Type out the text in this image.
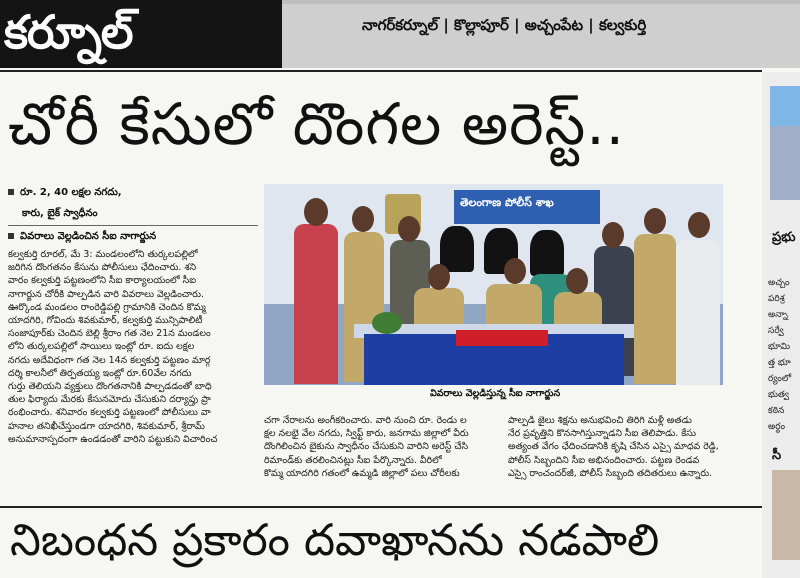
కర్నూల్	నాగర్‌కర్నూల్ | కొల్లాపూర్ | అచ్చంపేట | కల్వకుర్తి
చోరీ కేసులో దొంగల అరెస్ట్..
రూ. 2, 40 లక్షల నగదు,
కారు, బైక్ స్వాధీనం
వివరాలు వెల్లడించిన సీఐ నాగార్జున

కల్వకుర్తి రూరల్, మే 3: మండలంలోని తుర్కలపల్లిలో

జరిగిన దొంగతనం కేసును పోలీసులు ఛేదించారు. శని

వారం కల్వకుర్తి పట్టణంలోని సీఐ కార్యాలయంలో సీఐ

నాగార్జున చోరీకి పాల్పడిన వారి వివరాలు వెల్లడించారు.

ఊర్కొండ మండలం రాంరెడ్డిపల్లి గ్రామానికి చెందిన కొమ్మ

యాదగిరి, గోవిందు శివకుమార్, కల్వకుర్తి మున్సిపాలిటీ

సంజాపూర్‌కు చెందిన బెల్లి శ్రీరాం గత నెల 21న మండలం

లోని తుర్కలపల్లిలో సాయిలు ఇంట్లో రూ. ఐదు లక్షల

నగదు అదేవిధంగా గత నెల 14న కల్వకుర్తి పట్టణం మార్గ

దర్శి కాలనీలో తిర్పతయ్య ఇంట్లో రూ.60వేల నగదు

గుర్తు తెలియని వ్యక్తులు దొంగతనానికి పాల్పడడంతో బాధి

తుల ఫిర్యాదు మేరకు కేసునమోదు చేసుకుని దర్యాప్తు ప్రా

రంభించారు. శనివారం కల్వకుర్తి పట్టణంలో పోలీసులు వా

హనాల తనిఖీచేస్తుండగా యాదగిరి, శివకుమార్, శ్రీరామ్

అనుమానాస్పదంగా ఉండడంతో వారిని పట్టుకుని విచారించ

తెలంగాణ పోలీస్ శాఖ
వివరాలు వెల్లడిస్తున్న సీఐ నాగార్జున

చగా నేరాలను అంగీకరించారు. వారి నుంచి రూ. రెండు ల

క్షల నలభై వేల నగదు, స్విఫ్ట్ కారు, జనగామ జిల్లాలో వీరు

దొంగిలించిన బైకును స్వాధీనం చేసుకుని వారిని అరెస్ట్ చేసి

రిమాండ్‌కు తరలించినట్లు సీఐ పేర్కొన్నారు. వీరిలో

కొమ్మ యాదగిరి గతంలో ఉమ్మడి జిల్లాలో పలు చోరీలకు

పాల్పడి జైలు శిక్షను అనుభవించి తిరిగి మళ్లీ అతడు

నేర ప్రవృత్తిని కొనసాగిస్తున్నాడని సీఐ తెలిపాడు. కేసు

అత్యంత వేగం ఛేదించడానికి కృషి చేసిన ఎస్సై మాధవ రెడ్డి,

పోలీస్ సిబ్బందిని సీఐ అభినందించారు. పట్టణ రెండవ

ఎస్సై రాంచందర్‌జీ, పోలీస్ సిబ్బంది తదితరులు ఉన్నారు.

ప్రభు
అచ్చం
పరిశ్ర
అన్నా
సర్వే
భూమి
త్త భూ
ర్యంలో
భుత్వ
కఠిన
అర్థం
సీ
నిబంధన ప్రకారం దవాఖానను నడపాలి
